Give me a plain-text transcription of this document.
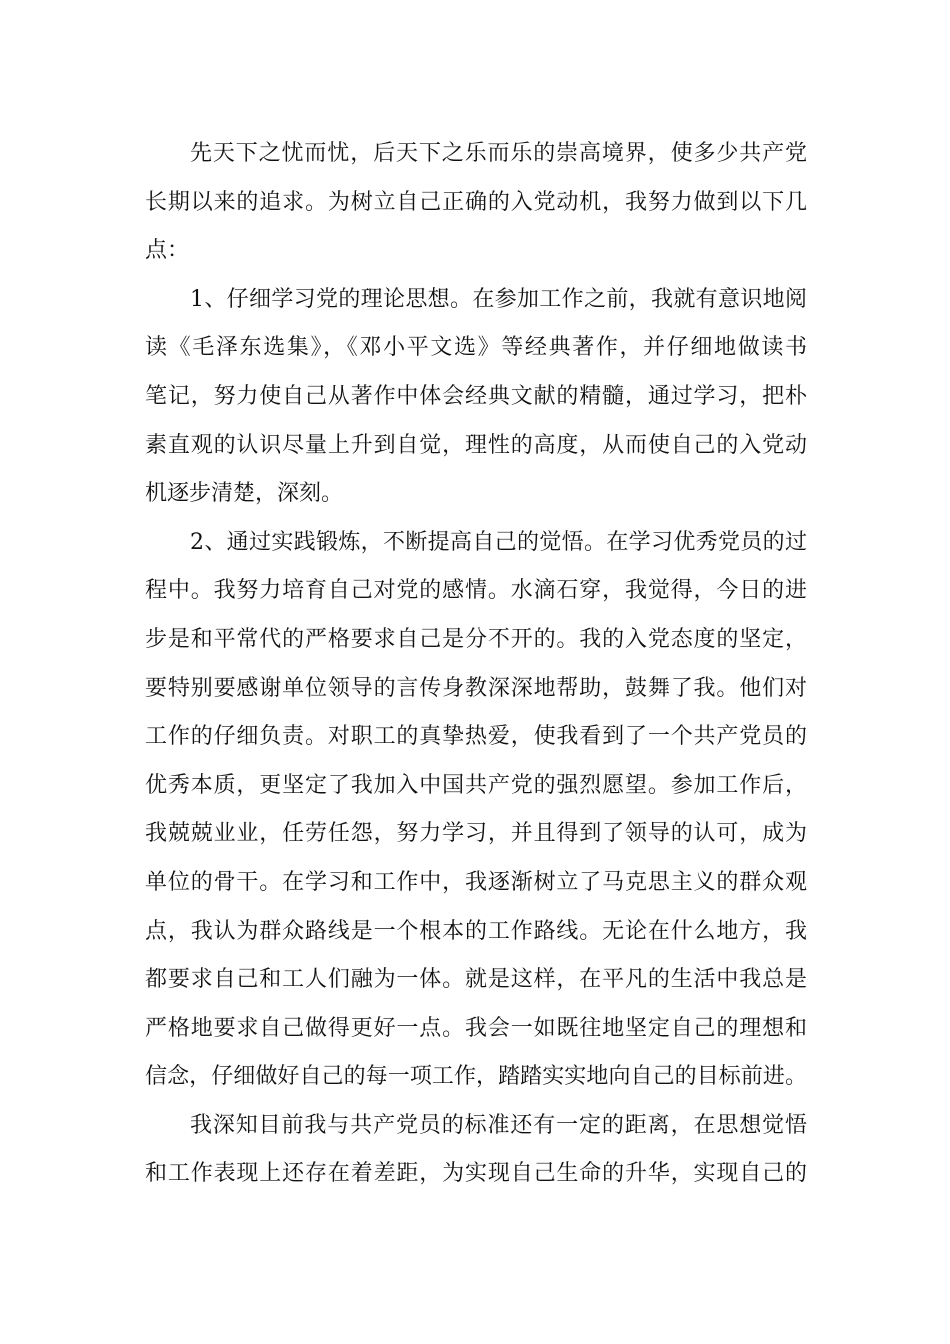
先天下之忧而忧，后天下之乐而乐的崇高境界，使多少共产党
长期以来的追求。为树立自己正确的入党动机，我努力做到以下几
点：

1、仔细学习党的理论思想。在参加工作之前，我就有意识地阅
读《毛泽东选集》，《邓小平文选》等经典著作，并仔细地做读书
笔记，努力使自己从著作中体会经典文献的精髓，通过学习，把朴
素直观的认识尽量上升到自觉，理性的高度，从而使自己的入党动
机逐步清楚，深刻。

2、通过实践锻炼，不断提高自己的觉悟。在学习优秀党员的过
程中。我努力培育自己对党的感情。水滴石穿，我觉得，今日的进
步是和平常代的严格要求自己是分不开的。我的入党态度的坚定，
要特别要感谢单位领导的言传身教深深地帮助，鼓舞了我。他们对
工作的仔细负责。对职工的真挚热爱，使我看到了一个共产党员的
优秀本质，更坚定了我加入中国共产党的强烈愿望。参加工作后，
我兢兢业业，任劳任怨，努力学习，并且得到了领导的认可，成为
单位的骨干。在学习和工作中，我逐渐树立了马克思主义的群众观
点，我认为群众路线是一个根本的工作路线。无论在什么地方，我
都要求自己和工人们融为一体。就是这样，在平凡的生活中我总是
严格地要求自己做得更好一点。我会一如既往地坚定自己的理想和
信念，仔细做好自己的每一项工作，踏踏实实地向自己的目标前进。

我深知目前我与共产党员的标准还有一定的距离，在思想觉悟
和工作表现上还存在着差距，为实现自己生命的升华，实现自己的
